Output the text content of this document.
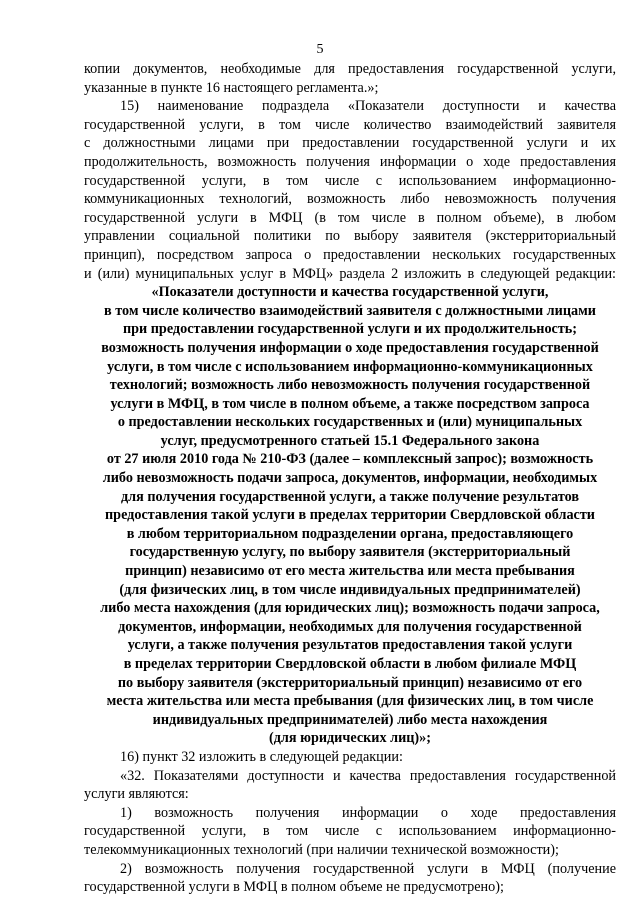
5
копии документов, необходимые для предоставления государственной услуги,
указанные в пункте 16 настоящего регламента.»;
15) наименование подраздела «Показатели доступности и качества
государственной услуги, в том числе количество взаимодействий заявителя
с должностными лицами при предоставлении государственной услуги и их
продолжительность, возможность получения информации о ходе предоставления
государственной услуги, в том числе с использованием информационно-
коммуникационных технологий, возможность либо невозможность получения
государственной услуги в МФЦ (в том числе в полном объеме), в любом
управлении социальной политики по выбору заявителя (экстерриториальный
принцип), посредством запроса о предоставлении нескольких государственных
и (или) муниципальных услуг в МФЦ» раздела 2 изложить в следующей редакции:
«Показатели доступности и качества государственной услуги,
в том числе количество взаимодействий заявителя с должностными лицами
при предоставлении государственной услуги и их продолжительность;
возможность получения информации о ходе предоставления государственной
услуги, в том числе с использованием информационно-коммуникационных
технологий; возможность либо невозможность получения государственной
услуги в МФЦ, в том числе в полном объеме, а также посредством запроса
о предоставлении нескольких государственных и (или) муниципальных
услуг, предусмотренного статьей 15.1 Федерального закона
от 27 июля 2010 года № 210-ФЗ (далее – комплексный запрос); возможность
либо невозможность подачи запроса, документов, информации, необходимых
для получения государственной услуги, а также получение результатов
предоставления такой услуги в пределах территории Свердловской области
в любом территориальном подразделении органа, предоставляющего
государственную услугу, по выбору заявителя (экстерриториальный
принцип) независимо от его места жительства или места пребывания
(для физических лиц, в том числе индивидуальных предпринимателей)
либо места нахождения (для юридических лиц); возможность подачи запроса,
документов, информации, необходимых для получения государственной
услуги, а также получения результатов предоставления такой услуги
в пределах территории Свердловской области в любом филиале МФЦ
по выбору заявителя (экстерриториальный принцип) независимо от его
места жительства или места пребывания (для физических лиц, в том числе
индивидуальных предпринимателей) либо места нахождения
(для юридических лиц)»;
16) пункт 32 изложить в следующей редакции:
«32. Показателями доступности и качества предоставления государственной
услуги являются:
1) возможность получения информации о ходе предоставления
государственной услуги, в том числе с использованием информационно-
телекоммуникационных технологий (при наличии технической возможности);
2) возможность получения государственной услуги в МФЦ (получение
государственной услуги в МФЦ в полном объеме не предусмотрено);
